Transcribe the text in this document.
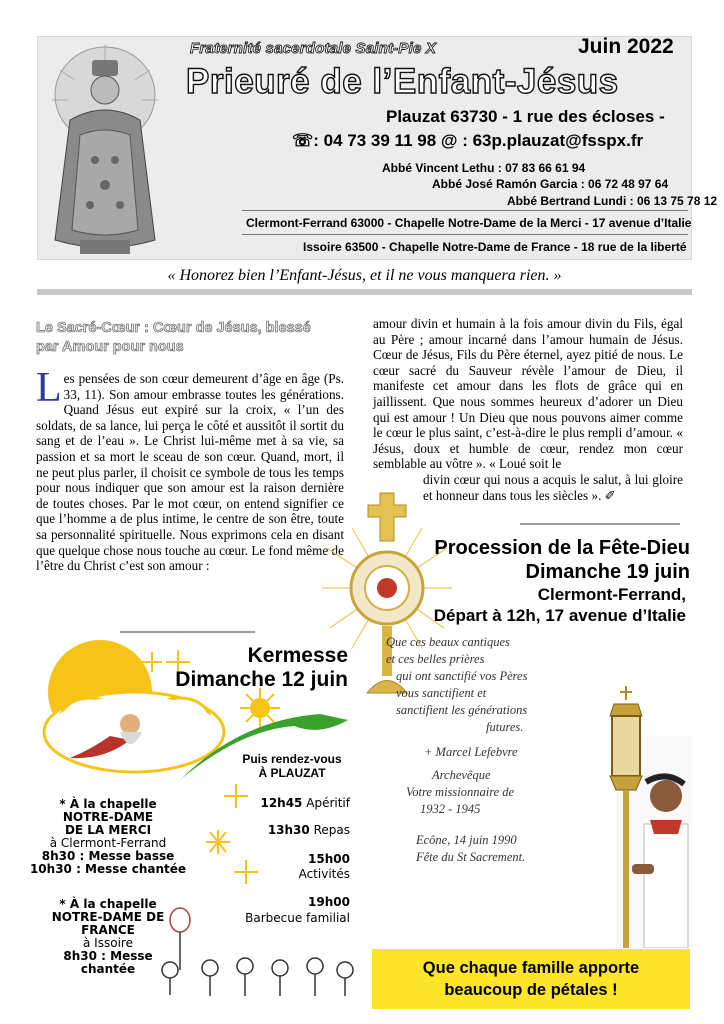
Fraternité sacerdotale Saint-Pie X	Juin 2022
Prieuré de l’Enfant-Jésus
Plauzat 63730 - 1 rue des écloses -
☏: 04 73 39 11 98 @ : 63p.plauzat@fsspx.fr
Abbé Vincent Lethu : 07 83 66 61 94
Abbé José Ramón Garcia : 06 72 48 97 64
Abbé Bertrand Lundi : 06 13 75 78 12
Clermont-Ferrand 63000 - Chapelle Notre-Dame de la Merci - 17 avenue d’Italie
Issoire 63500 - Chapelle Notre-Dame de France - 18 rue de la liberté
« Honorez bien l’Enfant-Jésus, et il ne vous manquera rien. »
Le Sacré-Cœur : Cœur de Jésus, blessé par Amour pour nous
Les pensées de son cœur demeurent d’âge en âge (Ps. 33, 11). Son amour embrasse toutes les générations. Quand Jésus eut expiré sur la croix, « l’un des soldats, de sa lance, lui perça le côté et aussitôt il sortit du sang et de l’eau ». Le Christ lui-même met à sa vie, sa passion et sa mort le sceau de son cœur. Quand, mort, il ne peut plus parler, il choisit ce symbole de tous les temps pour nous indiquer que son amour est la raison dernière de toutes choses. Par le mot cœur, on entend signifier ce que l’homme a de plus intime, le centre de son être, toute sa personnalité spirituelle. Nous exprimons cela en disant que quelque chose nous touche au cœur. Le fond même de l’être du Christ c’est son amour :
amour divin et humain à la fois amour divin du Fils, égal au Père ; amour incarné dans l’amour humain de Jésus. Cœur de Jésus, Fils du Père éternel, ayez pitié de nous. Le cœur sacré du Sauveur révèle l’amour de Dieu, il manifeste cet amour dans les flots de grâce qui en jaillissent. Que nous sommes heureux d’adorer un Dieu qui est amour ! Un Dieu que nous pouvons aimer comme le cœur le plus saint, c’est-à-dire le plus rempli d’amour. « Jésus, doux et humble de cœur, rendez mon cœur semblable au vôtre ». « Loué soit le
divin cœur qui nous a acquis le salut, à lui gloire et honneur dans tous les siècles ». ✐
Procession de la Fête-Dieu
Dimanche 19 juin
Clermont-Ferrand,
Départ à 12h, 17 avenue d’Italie
Kermesse
Dimanche 12 juin
Puis rendez-vous
À PLAUZAT
12h45 Apéritif
13h30 Repas
15h00
Activités
19h00
Barbecue familial
* À la chapelle
NOTRE-DAME
DE LA MERCI
à Clermont-Ferrand
8h30 : Messe basse
10h30 : Messe chantée
* À la chapelle
NOTRE-DAME DE
FRANCE
à Issoire
8h30 : Messe
chantée
Que ces beaux cantiques
et ces belles prières
qui ont sanctifié vos Pères
vous sanctifient et
sanctifient les générations
futures.
+ Marcel Lefebvre
Archevêque
Votre missionnaire de
1932 - 1945
Ecône, 14 juin 1990
Fête du St Sacrement.
Que chaque famille apporte
beaucoup de pétales !
